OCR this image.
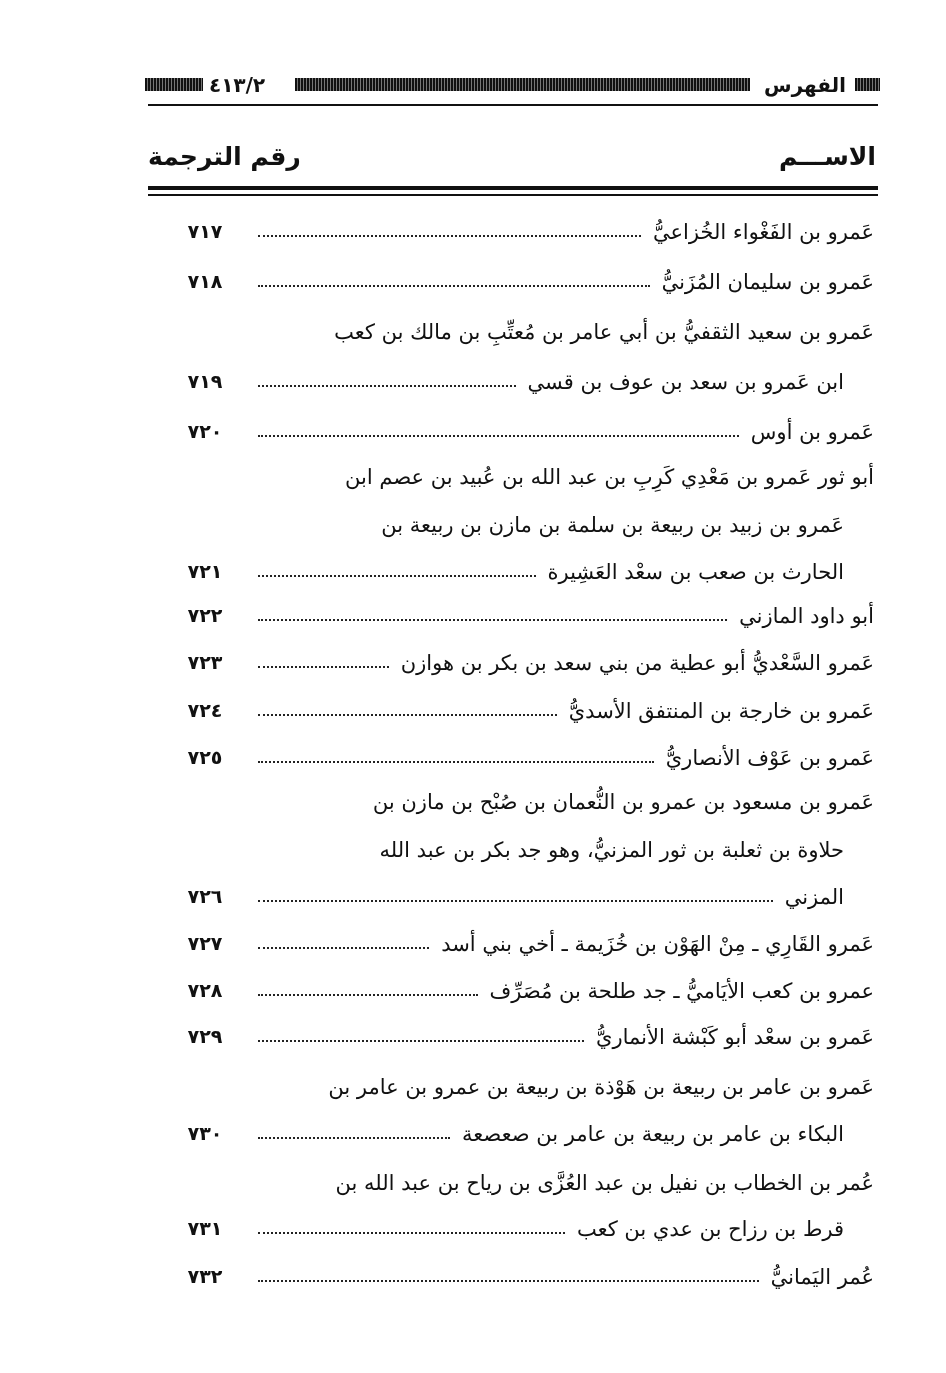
٤١٣/٢	الفهرس
الاســـم
رقم الترجمة
عَمرو بن الفَغْواء الخُزاعيُّ
٧١٧
عَمرو بن سليمان المُزَنيُّ
٧١٨
عَمرو بن سعيد الثقفيُّ بن أبي عامر بن مُعتِّبِ بن مالك بن كعب
ابن عَمرو بن سعد بن عوف بن قسي
٧١٩
عَمرو بن أوس
٧٢٠
أبو ثور عَمرو بن مَعْدِي كَرِبِ بن عبد الله بن عُبيد بن عصم ابن
عَمرو بن زبيد بن ربيعة بن سلمة بن مازن بن ربيعة بن
الحارث بن صعب بن سعْد العَشِيرة
٧٢١
أبو داود المازني
٧٢٢
عَمرو السَّعْديُّ أبو عطية من بني سعد بن بكر بن هوازن
٧٢٣
عَمرو بن خارجة بن المنتفق الأسديُّ
٧٢٤
عَمرو بن عَوْف الأنصاريُّ
٧٢٥
عَمرو بن مسعود بن عمرو بن النُّعمان بن صُبْح بن مازن بن
حلاوة بن ثعلبة بن ثور المزنيُّ، وهو جد بكر بن عبد الله
المزني
٧٢٦
عَمرو القَارِي ـ مِنْ الهَوْن بن خُزَيمة ـ أخي بني أسد
٧٢٧
عمرو بن كعب الأيَاميُّ ـ جد طلحة بن مُصَرِّف
٧٢٨
عَمرو بن سعْد أبو كَبْشة الأنماريُّ
٧٢٩
عَمرو بن عامر بن ربيعة بن هَوْذة بن ربيعة بن عمرو بن عامر بن
البكاء بن عامر بن ربيعة بن عامر بن صعصعة
٧٣٠
عُمر بن الخطاب بن نفيل بن عبد العُزَّى بن رياح بن عبد الله بن
قرط بن رزاح بن عدي بن كعب
٧٣١
عُمر اليَمانيُّ
٧٣٢
